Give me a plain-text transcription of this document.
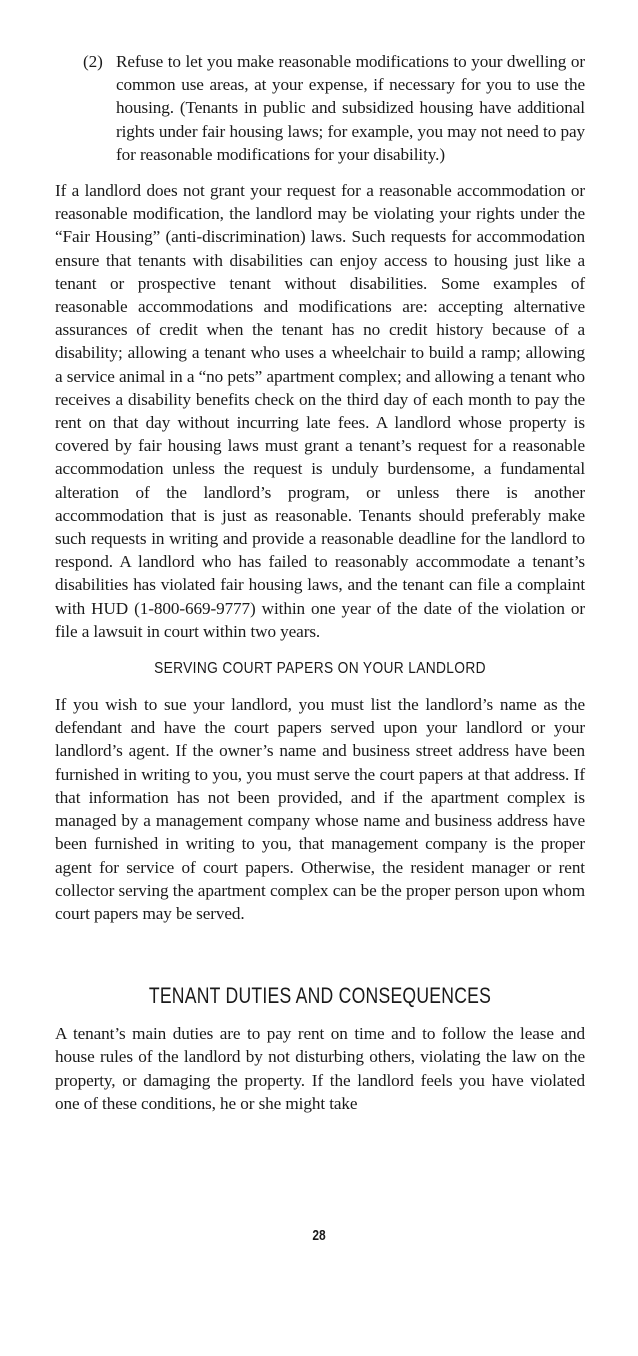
(2) Refuse to let you make reasonable modifications to your dwelling or common use areas, at your expense, if necessary for you to use the housing. (Tenants in public and subsidized housing have additional rights under fair housing laws; for example, you may not need to pay for reasonable modifications for your disability.)

If a landlord does not grant your request for a reasonable accommodation or reasonable modification, the landlord may be violating your rights under the “Fair Housing” (anti-discrimination) laws. Such requests for accommodation ensure that tenants with disabilities can enjoy access to housing just like a tenant or prospective tenant without disabilities. Some examples of reasonable accommodations and modifications are: accepting alternative assurances of credit when the tenant has no credit history because of a disability; allowing a tenant who uses a wheelchair to build a ramp; allowing a service animal in a “no pets” apartment complex; and allowing a tenant who receives a disability benefits check on the third day of each month to pay the rent on that day without incurring late fees. A landlord whose property is covered by fair housing laws must grant a tenant’s request for a reasonable accommodation unless the request is unduly burdensome, a fundamental alteration of the landlord’s program, or unless there is another accommodation that is just as reasonable. Tenants should preferably make such requests in writing and provide a reasonable deadline for the landlord to respond. A landlord who has failed to reasonably accommodate a tenant’s disabilities has violated fair housing laws, and the tenant can file a complaint with HUD (1-800-669-9777) within one year of the date of the violation or file a lawsuit in court within two years.

SERVING COURT PAPERS ON YOUR LANDLORD

If you wish to sue your landlord, you must list the landlord’s name as the defendant and have the court papers served upon your landlord or your landlord’s agent. If the owner’s name and business street address have been furnished in writing to you, you must serve the court papers at that address. If that information has not been provided, and if the apartment complex is managed by a management company whose name and business address have been furnished in writing to you, that management company is the proper agent for service of court papers. Otherwise, the resident manager or rent collector serving the apartment complex can be the proper person upon whom court papers may be served.

TENANT DUTIES AND CONSEQUENCES

A tenant’s main duties are to pay rent on time and to follow the lease and house rules of the landlord by not disturbing others, violating the law on the property, or damaging the property. If the landlord feels you have violated one of these conditions, he or she might take

28
